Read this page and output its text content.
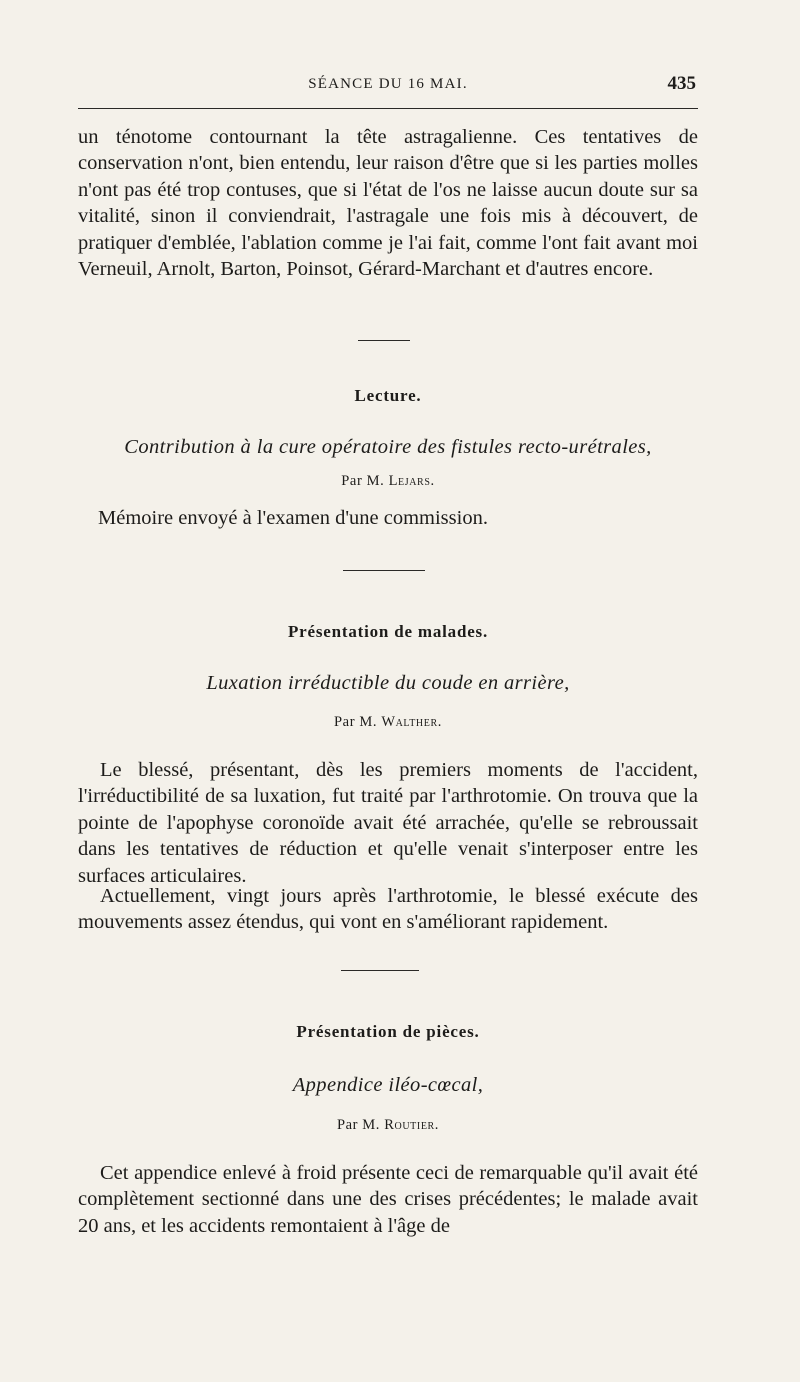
SÉANCE DU 16 MAI.	435

un ténotome contournant la tête astragalienne. Ces tentatives de conservation n'ont, bien entendu, leur raison d'être que si les parties molles n'ont pas été trop contuses, que si l'état de l'os ne laisse aucun doute sur sa vitalité, sinon il conviendrait, l'astragale une fois mis à découvert, de pratiquer d'emblée, l'ablation comme je l'ai fait, comme l'ont fait avant moi Verneuil, Arnolt, Barton, Poinsot, Gérard-Marchant et d'autres encore.

Lecture.

Contribution à la cure opératoire des fistules recto-urétrales,

Par M. Lejars.

Mémoire envoyé à l'examen d'une commission.

Présentation de malades.

Luxation irréductible du coude en arrière,

Par M. Walther.

Le blessé, présentant, dès les premiers moments de l'accident, l'irréductibilité de sa luxation, fut traité par l'arthrotomie. On trouva que la pointe de l'apophyse coronoïde avait été arrachée, qu'elle se rebroussait dans les tentatives de réduction et qu'elle venait s'interposer entre les surfaces articulaires.

Actuellement, vingt jours après l'arthrotomie, le blessé exécute des mouvements assez étendus, qui vont en s'améliorant rapidement.

Présentation de pièces.

Appendice iléo-cœcal,

Par M. Routier.

Cet appendice enlevé à froid présente ceci de remarquable qu'il avait été complètement sectionné dans une des crises précédentes; le malade avait 20 ans, et les accidents remontaient à l'âge de
